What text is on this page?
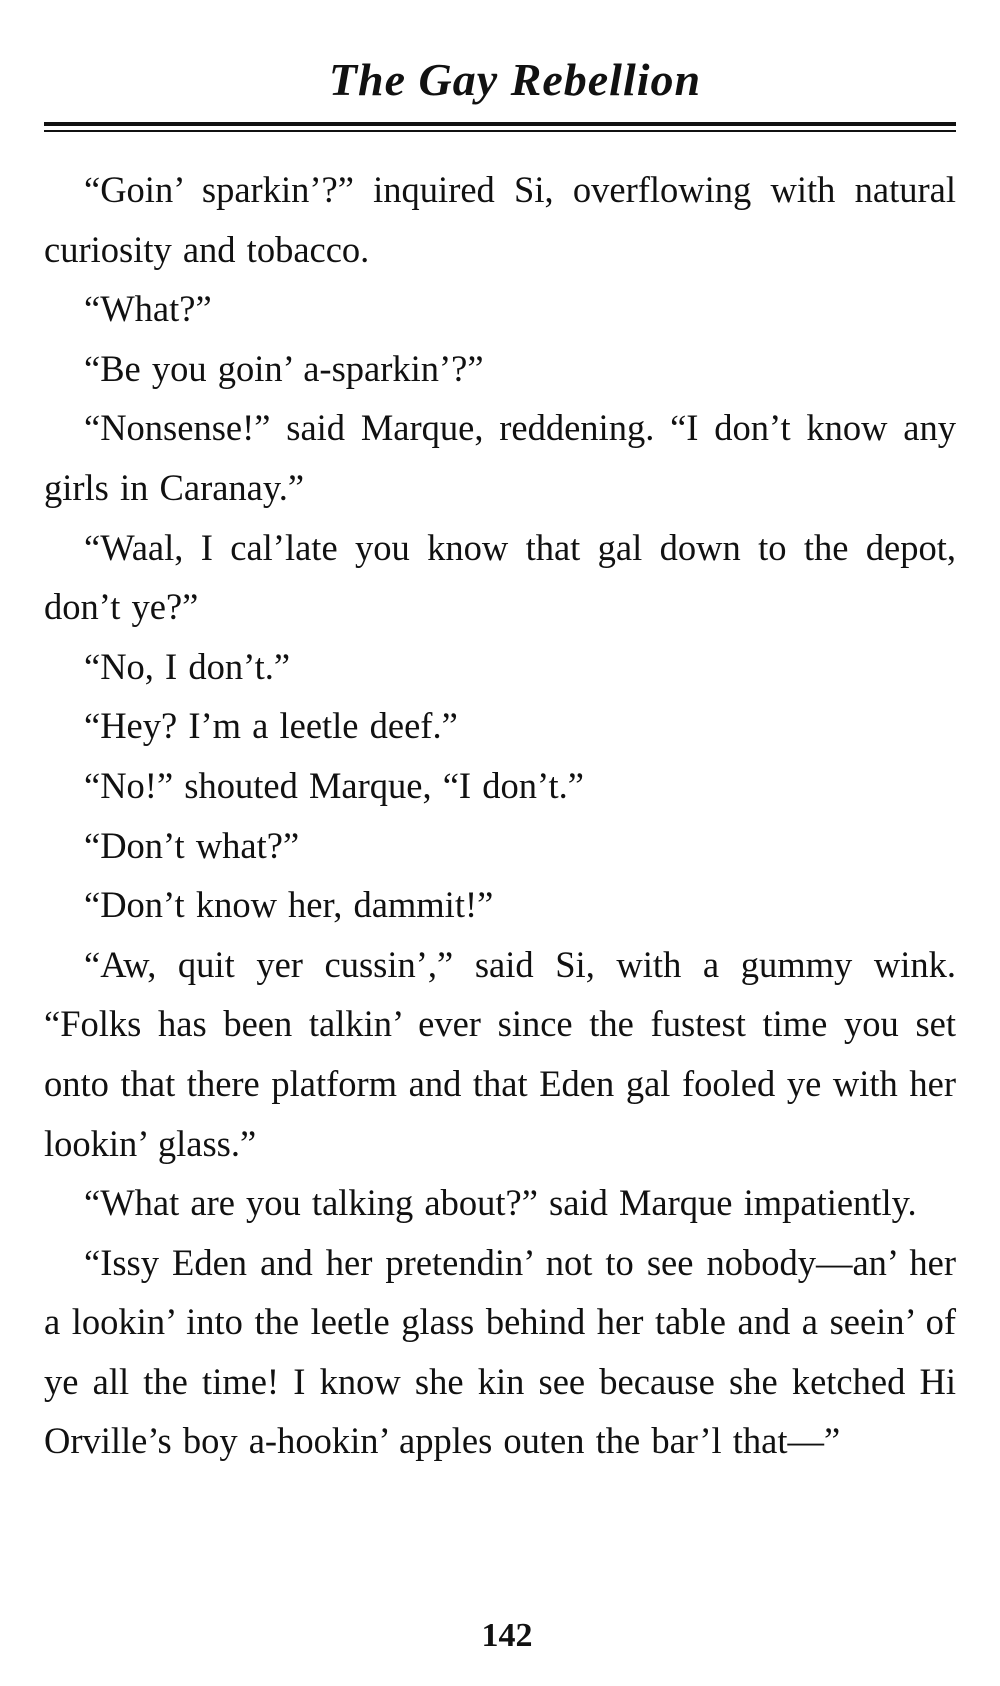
The Gay Rebellion

“Goin’ sparkin’?” inquired Si, overflowing with natural curiosity and tobacco.

“What?”

“Be you goin’ a-sparkin’?”

“Nonsense!” said Marque, reddening. “I don’t know any girls in Caranay.”

“Waal, I cal’late you know that gal down to the depot, don’t ye?”

“No, I don’t.”

“Hey? I’m a leetle deef.”

“No!” shouted Marque, “I don’t.”

“Don’t what?”

“Don’t know her, dammit!”

“Aw, quit yer cussin’,” said Si, with a gummy wink. “Folks has been talkin’ ever since the fustest time you set onto that there platform and that Eden gal fooled ye with her lookin’ glass.”

“What are you talking about?” said Marque impatiently.

“Issy Eden and her pretendin’ not to see nobody—an’ her a lookin’ into the leetle glass behind her table and a seein’ of ye all the time! I know she kin see because she ketched Hi Orville’s boy a-hookin’ apples outen the bar’l that—”

142
